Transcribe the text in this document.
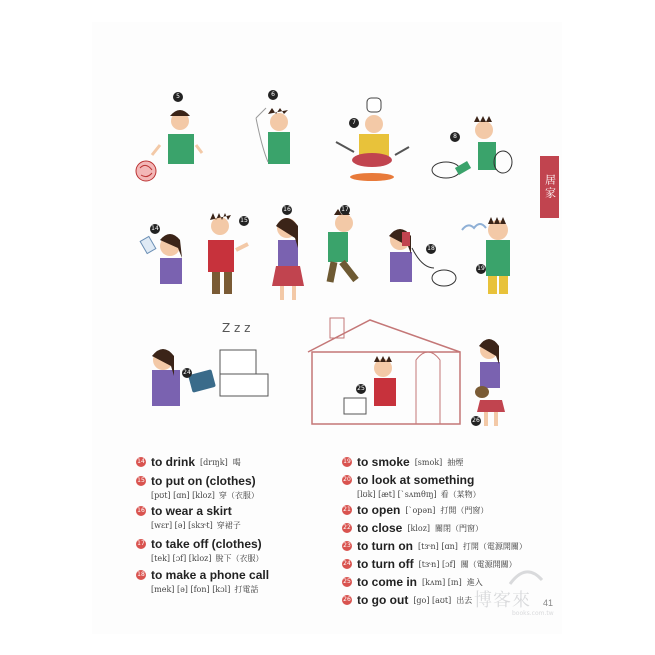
Z z z
5	6
7
8
14
15
16	17
18
19
24
25
26
居家
14 to drink [drɪŋk] 喝
15 to put on (clothes)
[pʊt] [ɑn] [kloz] 穿（衣服）
16 to wear a skirt
[wɛr] [ə] [skɝt] 穿裙子
17 to take off (clothes)
[tek] [ɔf] [kloz] 脫下（衣服）
18 to make a phone call
[mek] [ə] [fon] [kɔl] 打電話
19 to smoke [smok] 抽煙
20 to look at something
[lʊk] [æt] [ˋsʌmθɪŋ] 看（某物）
21 to open [ˋopən] 打開（門窗）
22 to close [kloz] 關閉（門窗）
23 to turn on [tɝn] [ɑn] 打開（電源開關）
24 to turn off [tɝn] [ɔf] 關（電源開關）
25 to come in [kʌm] [ɪn] 進入
26 to go out [go] [aʊt] 出去 博客來
books.com.tw
41
